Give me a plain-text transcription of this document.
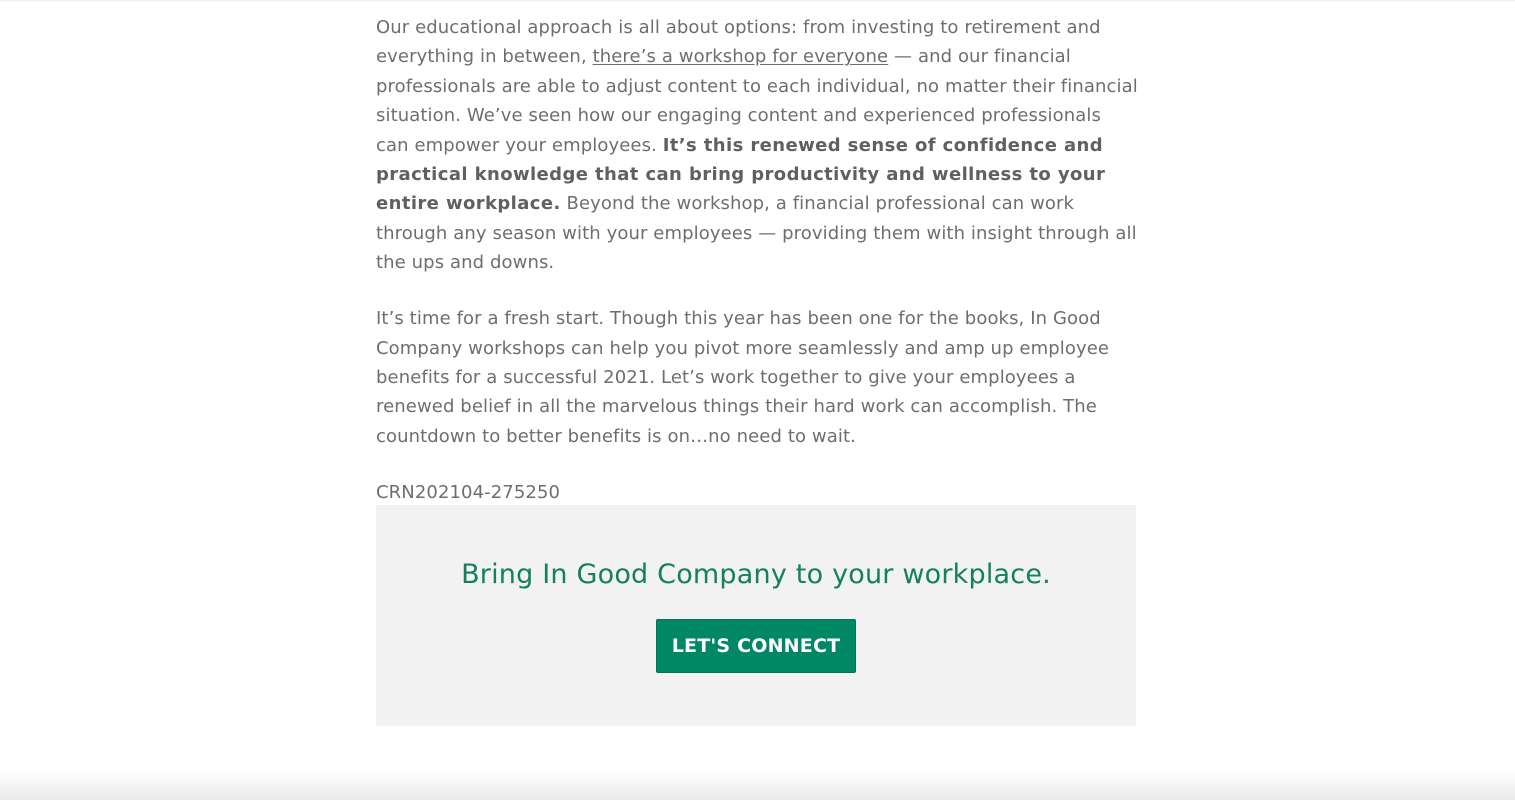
Our educational approach is all about options: from investing to retirement and everything in between, there’s a workshop for everyone — and our financial professionals are able to adjust content to each individual, no matter their financial situation. We’ve seen how our engaging content and experienced professionals can empower your employees. It’s this renewed sense of confidence and practical knowledge that can bring productivity and wellness to your entire workplace. Beyond the workshop, a financial professional can work through any season with your employees — providing them with insight through all the ups and downs.

It’s time for a fresh start. Though this year has been one for the books, In Good Company workshops can help you pivot more seamlessly and amp up employee benefits for a successful 2021. Let’s work together to give your employees a renewed belief in all the marvelous things their hard work can accomplish. The countdown to better benefits is on…no need to wait.

CRN202104-275250

Bring In Good Company to your workplace.
LET'S CONNECT
